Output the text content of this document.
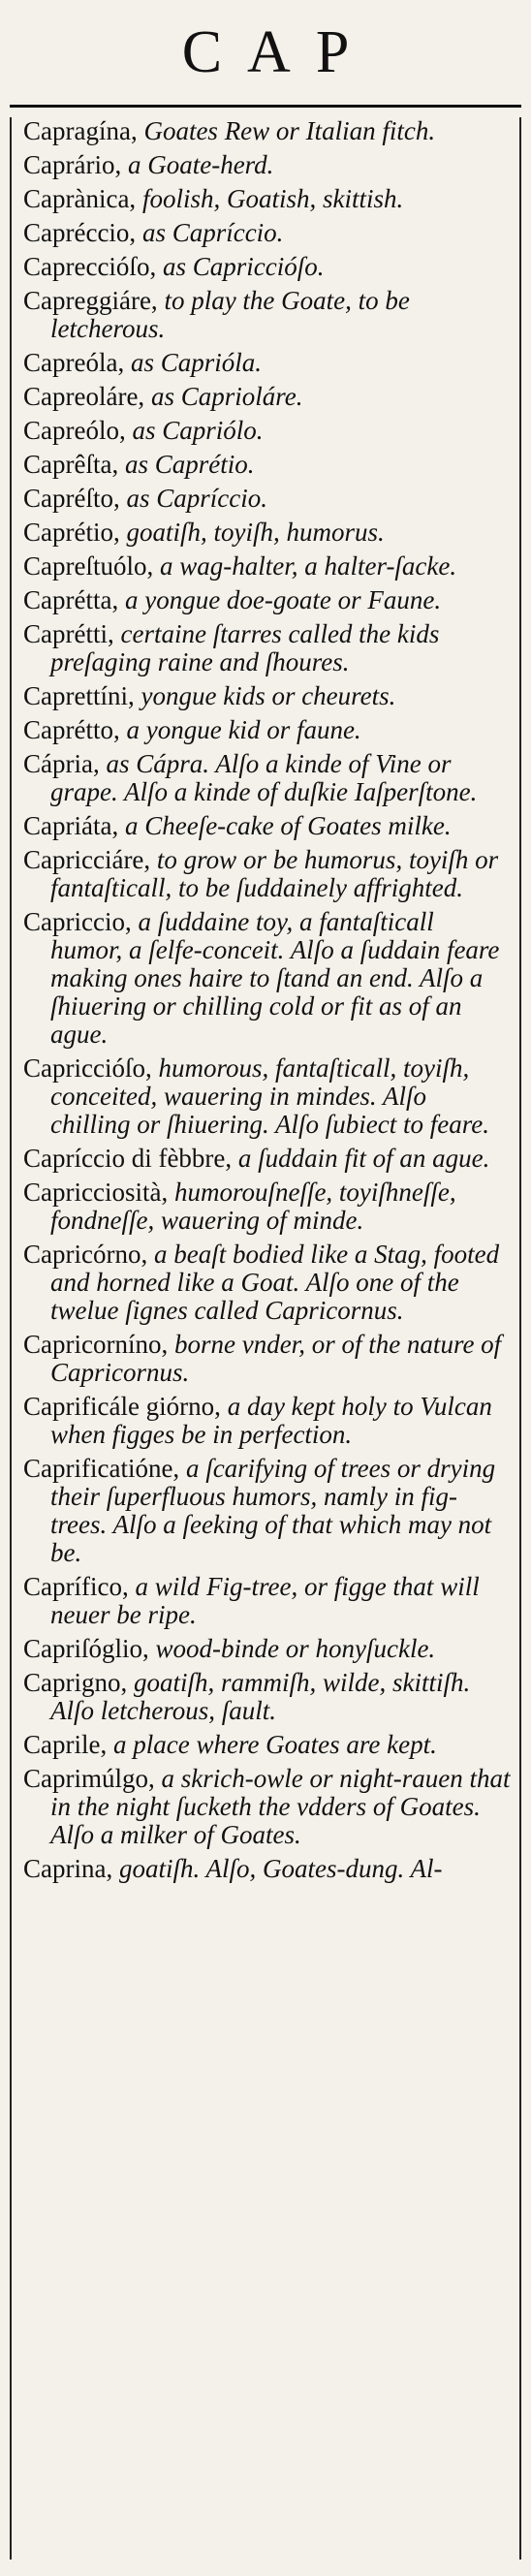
CAP

Capragína, Goates Rew or Italian fitch.

Caprário, a Goate-herd.

Caprànica, foolish, Goatish, skittish.

Capréccio, as Capríccio.

Capreccióſo, as Capriccióſo.

Capreggiáre, to play the Goate, to be letcherous.

Capreóla, as Caprióla.

Capreoláre, as Caprioláre.

Capreólo, as Capriólo.

Caprêſta, as Caprétio.

Capréſto, as Capríccio.

Caprétio, goatiſh, toyiſh, humorus.

Capreſtuólo, a wag-halter, a halter-ſacke.

Caprétta, a yongue doe-goate or Faune.

Caprétti, certaine ſtarres called the kids preſaging raine and ſhoures.

Caprettíni, yongue kids or cheurets.

Caprétto, a yongue kid or faune.

Cápria, as Cápra. Alſo a kinde of Vine or grape. Alſo a kinde of duſkie Iaſperſtone.

Capriáta, a Cheeſe-cake of Goates milke.

Capricciáre, to grow or be humorus, toyiſh or fantaſticall, to be ſuddainely affrighted.

Capriccio, a ſuddaine toy, a fantaſticall humor, a ſelfe-conceit. Alſo a ſuddain feare making ones haire to ſtand an end. Alſo a ſhiuering or chilling cold or fit as of an ague.

Capriccióſo, humorous, fantaſticall, toyiſh, conceited, wauering in mindes. Alſo chilling or ſhiuering. Alſo ſubiect to feare.

Capríccio di fèbbre, a ſuddain fit of an ague.

Capricciosità, humorouſneſſe, toyiſhneſſe, fondneſſe, wauering of minde.

Capricórno, a beaſt bodied like a Stag, footed and horned like a Goat. Alſo one of the twelue ſignes called Capricornus.

Capricorníno, borne vnder, or of the nature of Capricornus.

Caprificále giórno, a day kept holy to Vulcan when figges be in perfection.

Caprificatióne, a ſcarifying of trees or drying their ſuperfluous humors, namly in fig-trees. Alſo a ſeeking of that which may not be.

Caprífico, a wild Fig-tree, or figge that will neuer be ripe.

Capriſóglio, wood-binde or honyſuckle.

Caprigno, goatiſh, rammiſh, wilde, skittiſh. Alſo letcherous, ſault.

Caprile, a place where Goates are kept.

Caprimúlgo, a skrich-owle or night-rauen that in the night ſucketh the vdders of Goates. Alſo a milker of Goates.

Caprina, goatiſh. Alſo, Goates-dung. Al-
